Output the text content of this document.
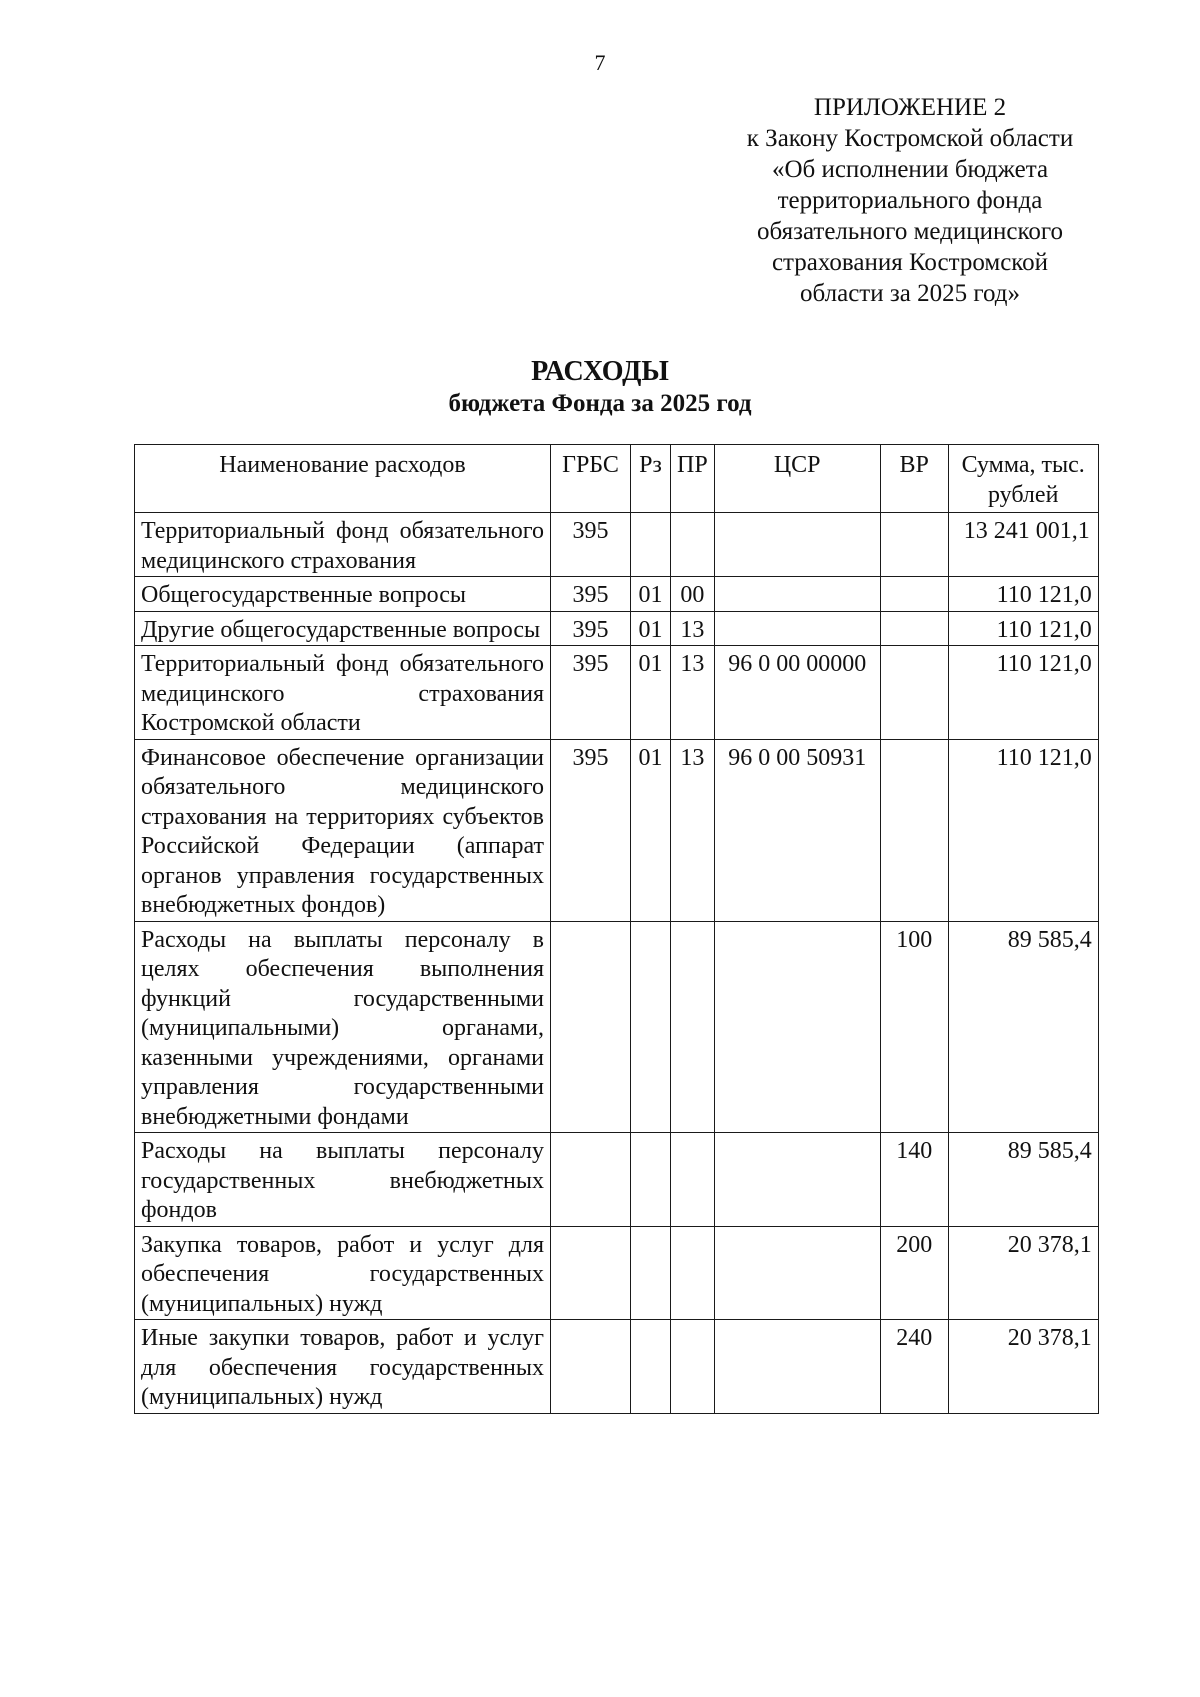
7
ПРИЛОЖЕНИЕ 2
к Закону Костромской области
«Об исполнении бюджета
территориального фонда
обязательного медицинского
страхования Костромской
области за 2025 год»
РАСХОДЫ
бюджета Фонда за 2025 год
Наименование расходов	ГРБС	Рз	ПР	ЦСР	ВР	Сумма, тыс. рублей
Территориальный фонд обязательного медицинского страхования	395					13 241 001,1
Общегосударственные вопросы	395	01	00			110 121,0
Другие общегосударственные вопросы	395	01	13			110 121,0
Территориальный фонд обязательного медицинского страхования Костромской области	395	01	13	96 0 00 00000		110 121,0
Финансовое обеспечение организации обязательного медицинского страхования на территориях субъектов Российской Федерации (аппарат органов управления государственных внебюджетных фондов)	395	01	13	96 0 00 50931		110 121,0
Расходы на выплаты персоналу в целях обеспечения выполнения функций государственными (муниципальными) органами, казенными учреждениями, органами управления государственными внебюджетными фондами					100	89 585,4
Расходы на выплаты персоналу государственных внебюджетных фондов					140	89 585,4
Закупка товаров, работ и услуг для обеспечения государственных (муниципальных) нужд					200	20 378,1
Иные закупки товаров, работ и услуг для обеспечения государственных (муниципальных) нужд					240	20 378,1
